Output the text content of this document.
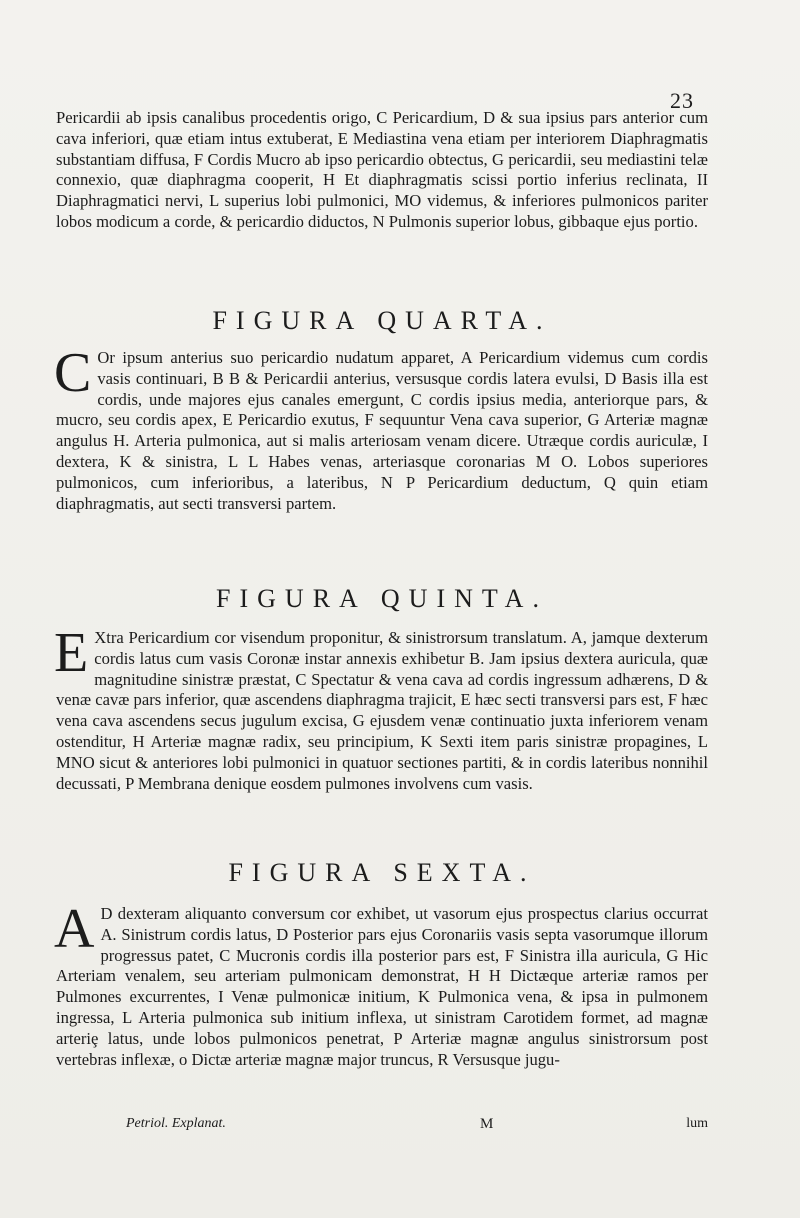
23

Pericardii ab ipsis canalibus procedentis origo, C Pericardium, D & sua ipsius pars anterior cum cava inferiori, quæ etiam intus extuberat, E Mediastina vena etiam per interiorem Diaphragmatis substantiam diffusa, F Cordis Mucro ab ipso pericardio obtectus, G pericardii, seu mediastini telæ connexio, quæ diaphragma cooperit, H Et diaphragmatis scissi portio inferius reclinata, II Diaphragmatici nervi, L superius lobi pulmonici, MO videmus, & inferiores pulmonicos pariter lobos modicum a corde, & pericardio diductos, N Pulmonis superior lobus, gibbaque ejus portio.

FIGURA QUARTA.

C Or ipsum anterius suo pericardio nudatum apparet, A Pericardium videmus cum cordis vasis continuari, B B & Pericardii anterius, versusque cordis latera evulsi, D Basis illa est cordis, unde majores ejus canales emergunt, C cordis ipsius media, anteriorque pars, & mucro, seu cordis apex, E Pericardio exutus, F sequuntur Vena cava superior, G Arteriæ magnæ angulus H. Arteria pulmonica, aut si malis arteriosam venam dicere. Utræque cordis auriculæ, I dextera, K & sinistra, L L Habes venas, arteriasque coronarias M O. Lobos superiores pulmonicos, cum inferioribus, a lateribus, N P Pericardium deductum, Q quin etiam diaphragmatis, aut secti transversi partem.

FIGURA QUINTA.

E Xtra Pericardium cor visendum proponitur, & sinistrorsum translatum. A, jamque dexterum cordis latus cum vasis Coronæ instar annexis exhibetur B. Jam ipsius dextera auricula, quæ magnitudine sinistræ præstat, C Spectatur & vena cava ad cordis ingressum adhærens, D & venæ cavæ pars inferior, quæ ascendens diaphragma trajicit, E hæc secti transversi pars est, F hæc vena cava ascendens secus jugulum excisa, G ejusdem venæ continuatio juxta inferiorem venam ostenditur, H Arteriæ magnæ radix, seu principium, K Sexti item paris sinistræ propagines, L MNO sicut & anteriores lobi pulmonici in quatuor sectiones partiti, & in cordis lateribus nonnihil decussati, P Membrana denique eosdem pulmones involvens cum vasis.

FIGURA SEXTA.

A D dexteram aliquanto conversum cor exhibet, ut vasorum ejus prospectus clarius occurrat A. Sinistrum cordis latus, D Posterior pars ejus Coronariis vasis septa vasorumque illorum progressus patet, C Mucronis cordis illa posterior pars est, F Sinistra illa auricula, G Hic Arteriam venalem, seu arteriam pulmonicam demonstrat, H H Dictæque arteriæ ramos per Pulmones excurrentes, I Venæ pulmonicæ initium, K Pulmonica vena, & ipsa in pulmonem ingressa, L Arteria pulmonica sub initium inflexa, ut sinistram Carotidem formet, ad magnæ arteriȩ latus, unde lobos pulmonicos penetrat, P Arteriæ magnæ angulus sinistrorsum post vertebras inflexæ, o Dictæ arteriæ magnæ major truncus, R Versusque jugu-

Petriol. Explanat.	M	lum
